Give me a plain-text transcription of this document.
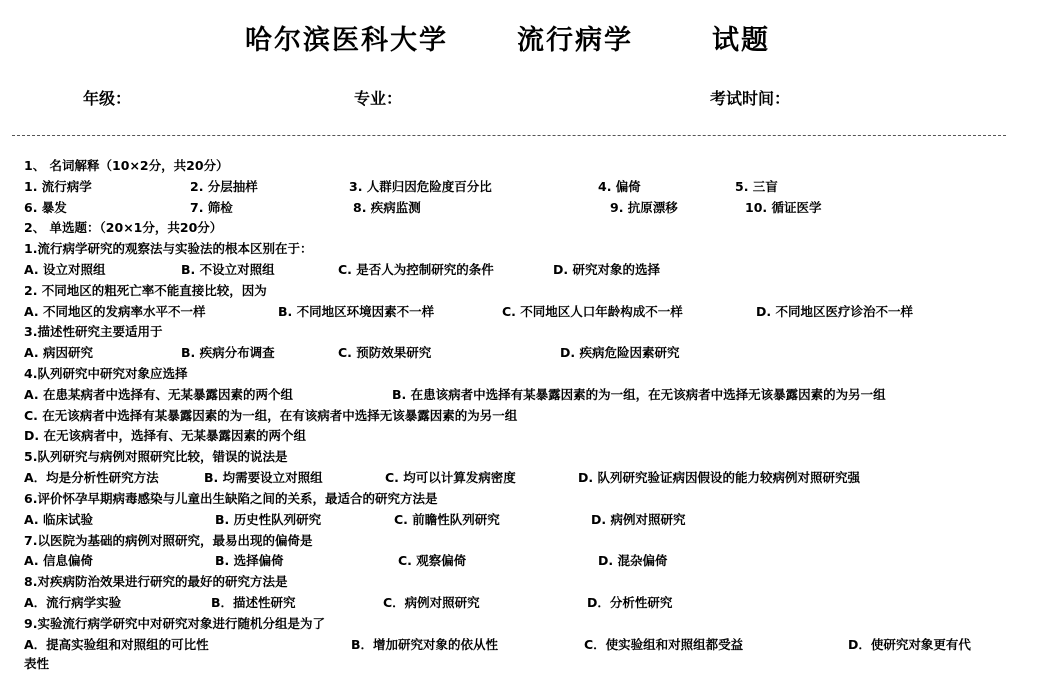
哈尔滨医科大学	流行病学	试题
年级：	专业：	考试时间：
1、 名词解释（10×2分，共20分）
1. 流行病学	2. 分层抽样	3. 人群归因危险度百分比	4. 偏倚	5. 三盲
6. 暴发	7. 筛检	8. 疾病监测	9. 抗原漂移	10. 循证医学
2、 单选题：（20×1分，共20分）
1.流行病学研究的观察法与实验法的根本区别在于：
A. 设立对照组	B. 不设立对照组	C. 是否人为控制研究的条件	D. 研究对象的选择
2. 不同地区的粗死亡率不能直接比较，因为
A. 不同地区的发病率水平不一样	B. 不同地区环境因素不一样	C. 不同地区人口年龄构成不一样	D. 不同地区医疗诊治不一样
3.描述性研究主要适用于
A. 病因研究	B. 疾病分布调查	C. 预防效果研究	D. 疾病危险因素研究
4.队列研究中研究对象应选择
A. 在患某病者中选择有、无某暴露因素的两个组	B. 在患该病者中选择有某暴露因素的为一组，在无该病者中选择无该暴露因素的为另一组
C. 在无该病者中选择有某暴露因素的为一组，在有该病者中选择无该暴露因素的为另一组
D. 在无该病者中，选择有、无某暴露因素的两个组
5.队列研究与病例对照研究比较，错误的说法是
A．均是分析性研究方法	B. 均需要设立对照组	C. 均可以计算发病密度	D. 队列研究验证病因假设的能力较病例对照研究强
6.评价怀孕早期病毒感染与儿童出生缺陷之间的关系，最适合的研究方法是
A. 临床试验	B. 历史性队列研究	C. 前瞻性队列研究	D. 病例对照研究
7.以医院为基础的病例对照研究，最易出现的偏倚是
A. 信息偏倚	B. 选择偏倚	C. 观察偏倚	D. 混杂偏倚
8.对疾病防治效果进行研究的最好的研究方法是
A．流行病学实验	B．描述性研究	C．病例对照研究	D．分析性研究
9.实验流行病学研究中对研究对象进行随机分组是为了
A．提高实验组和对照组的可比性	B．增加研究对象的依从性	C．使实验组和对照组都受益	D．使研究对象更有代
表性
